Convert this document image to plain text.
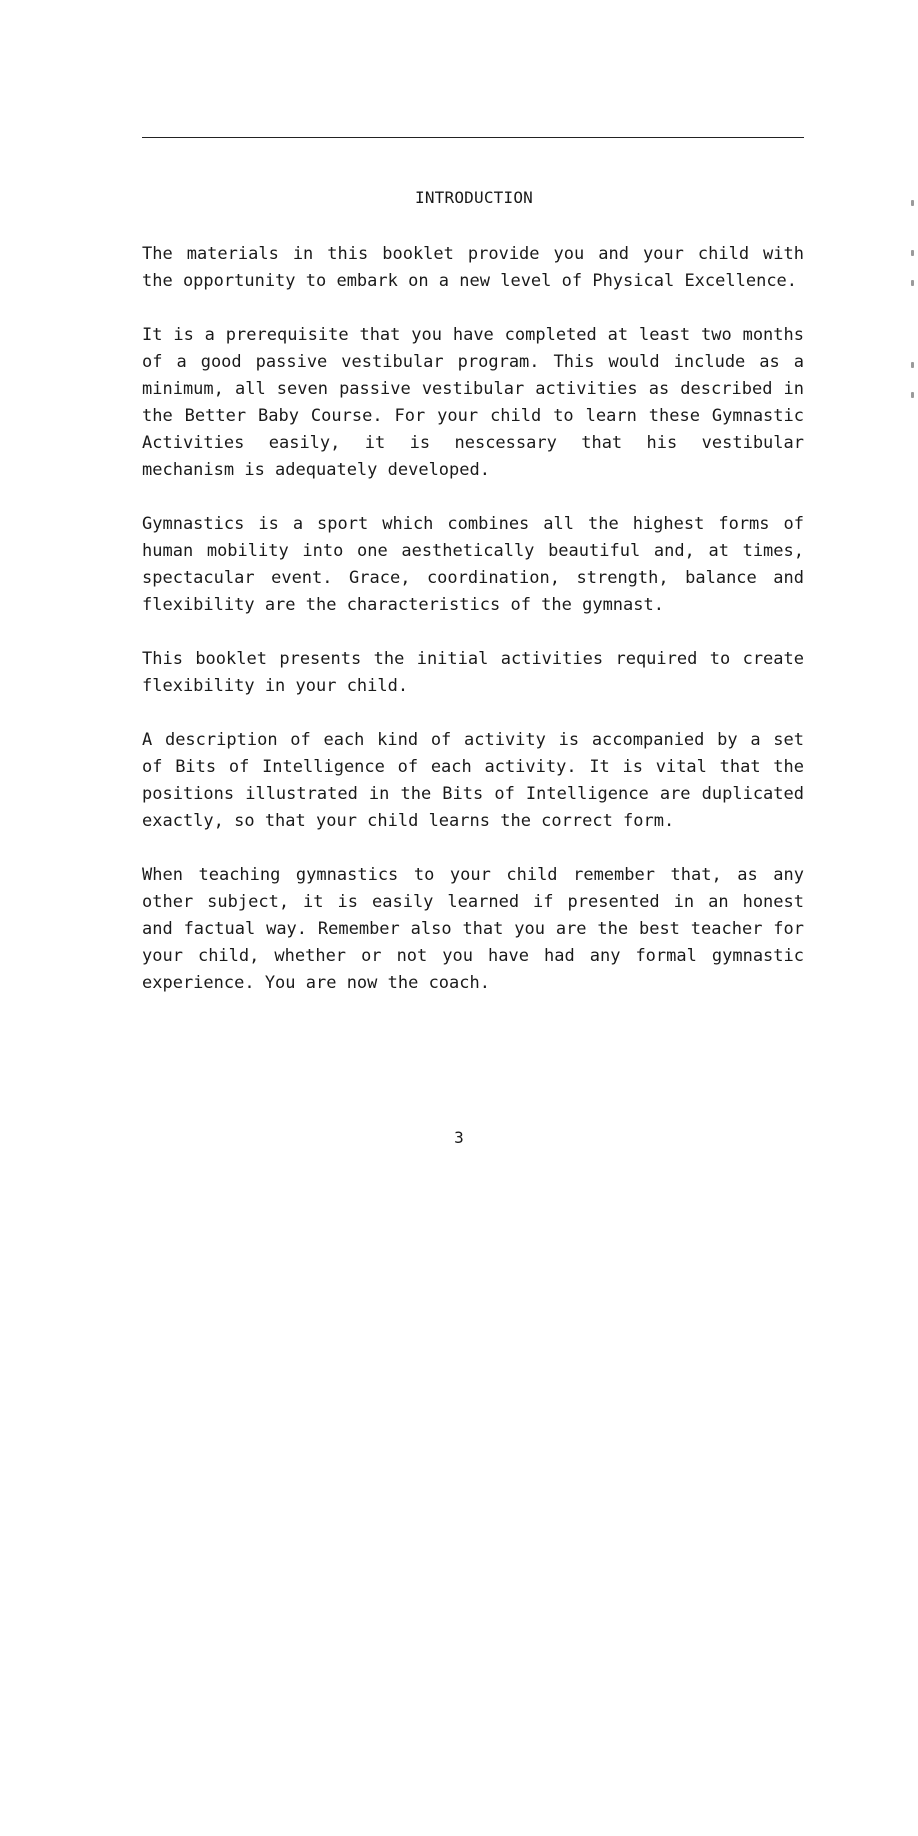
INTRODUCTION

The materials in this booklet provide you and your child with the opportunity to embark on a new level of Physical Excellence.

It is a prerequisite that you have completed at least two months of a good passive vestibular program. This would include as a minimum, all seven passive vestibular activities as described in the Better Baby Course. For your child to learn these Gymnastic Activities easily, it is nescessary that his vestibular mechanism is adequately developed.

Gymnastics is a sport which combines all the highest forms of human mobility into one aesthetically beautiful and, at times, spectacular event. Grace, coordination, strength, balance and flexibility are the characteristics of the gymnast.

This booklet presents the initial activities required to create flexibility in your child.

A description of each kind of activity is accompanied by a set of Bits of Intelligence of each activity. It is vital that the positions illustrated in the Bits of Intelligence are duplicated exactly, so that your child learns the correct form.

When teaching gymnastics to your child remember that, as any other subject, it is easily learned if presented in an honest and factual way. Remember also that you are the best teacher for your child, whether or not you have had any formal gymnastic experience. You are now the coach.

3
